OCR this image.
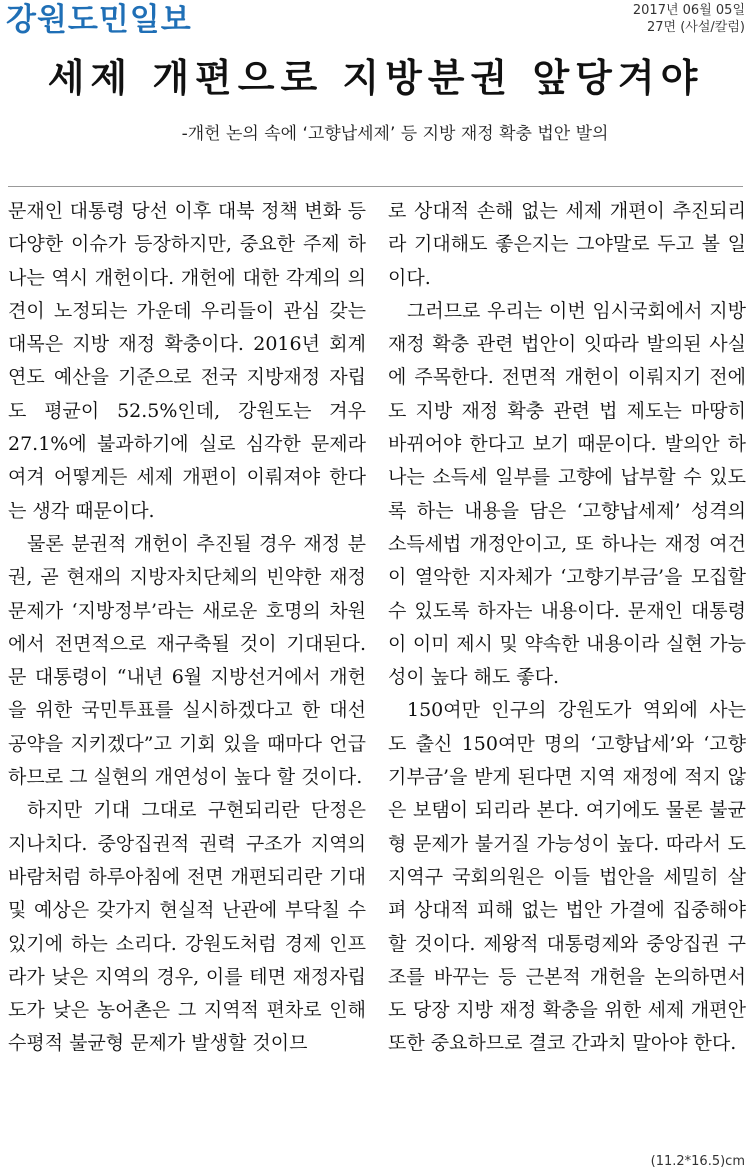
강원도민일보	2017년 06월 05일
27면 (사설/칼럼)
세제 개편으로 지방분권 앞당겨야
-개헌 논의 속에 ‘고향납세제’ 등 지방 재정 확충 법안 발의

문재인 대통령 당선 이후 대북 정책 변화 등 다양한 이슈가 등장하지만, 중요한 주제 하나는 역시 개헌이다. 개헌에 대한 각계의 의견이 노정되는 가운데 우리들이 관심 갖는 대목은 지방 재정 확충이다. 2016년 회계연도 예산을 기준으로 전국 지방재정 자립도 평균이 52.5%인데, 강원도는 겨우 27.1%에 불과하기에 실로 심각한 문제라 여겨 어떻게든 세제 개편이 이뤄져야 한다는 생각 때문이다.

물론 분권적 개헌이 추진될 경우 재정 분권, 곧 현재의 지방자치단체의 빈약한 재정 문제가 ‘지방정부’라는 새로운 호명의 차원에서 전면적으로 재구축될 것이 기대된다. 문 대통령이 “내년 6월 지방선거에서 개헌을 위한 국민투표를 실시하겠다고 한 대선 공약을 지키겠다”고 기회 있을 때마다 언급하므로 그 실현의 개연성이 높다 할 것이다.

하지만 기대 그대로 구현되리란 단정은 지나치다. 중앙집권적 권력 구조가 지역의 바람처럼 하루아침에 전면 개편되리란 기대 및 예상은 갖가지 현실적 난관에 부닥칠 수 있기에 하는 소리다. 강원도처럼 경제 인프라가 낮은 지역의 경우, 이를 테면 재정자립도가 낮은 농어촌은 그 지역적 편차로 인해 수평적 불균형 문제가 발생할 것이므

로 상대적 손해 없는 세제 개편이 추진되리라 기대해도 좋은지는 그야말로 두고 볼 일이다.

그러므로 우리는 이번 임시국회에서 지방 재정 확충 관련 법안이 잇따라 발의된 사실에 주목한다. 전면적 개헌이 이뤄지기 전에도 지방 재정 확충 관련 법 제도는 마땅히 바뀌어야 한다고 보기 때문이다. 발의안 하나는 소득세 일부를 고향에 납부할 수 있도록 하는 내용을 담은 ‘고향납세제’ 성격의 소득세법 개정안이고, 또 하나는 재정 여건이 열악한 지자체가 ‘고향기부금’을 모집할 수 있도록 하자는 내용이다. 문재인 대통령이 이미 제시 및 약속한 내용이라 실현 가능성이 높다 해도 좋다.

150여만 인구의 강원도가 역외에 사는 도 출신 150여만 명의 ‘고향납세’와 ‘고향기부금’을 받게 된다면 지역 재정에 적지 않은 보탬이 되리라 본다. 여기에도 물론 불균형 문제가 불거질 가능성이 높다. 따라서 도 지역구 국회의원은 이들 법안을 세밀히 살펴 상대적 피해 없는 법안 가결에 집중해야 할 것이다. 제왕적 대통령제와 중앙집권 구조를 바꾸는 등 근본적 개헌을 논의하면서도 당장 지방 재정 확충을 위한 세제 개편안 또한 중요하므로 결코 간과치 말아야 한다.

(11.2*16.5)cm
